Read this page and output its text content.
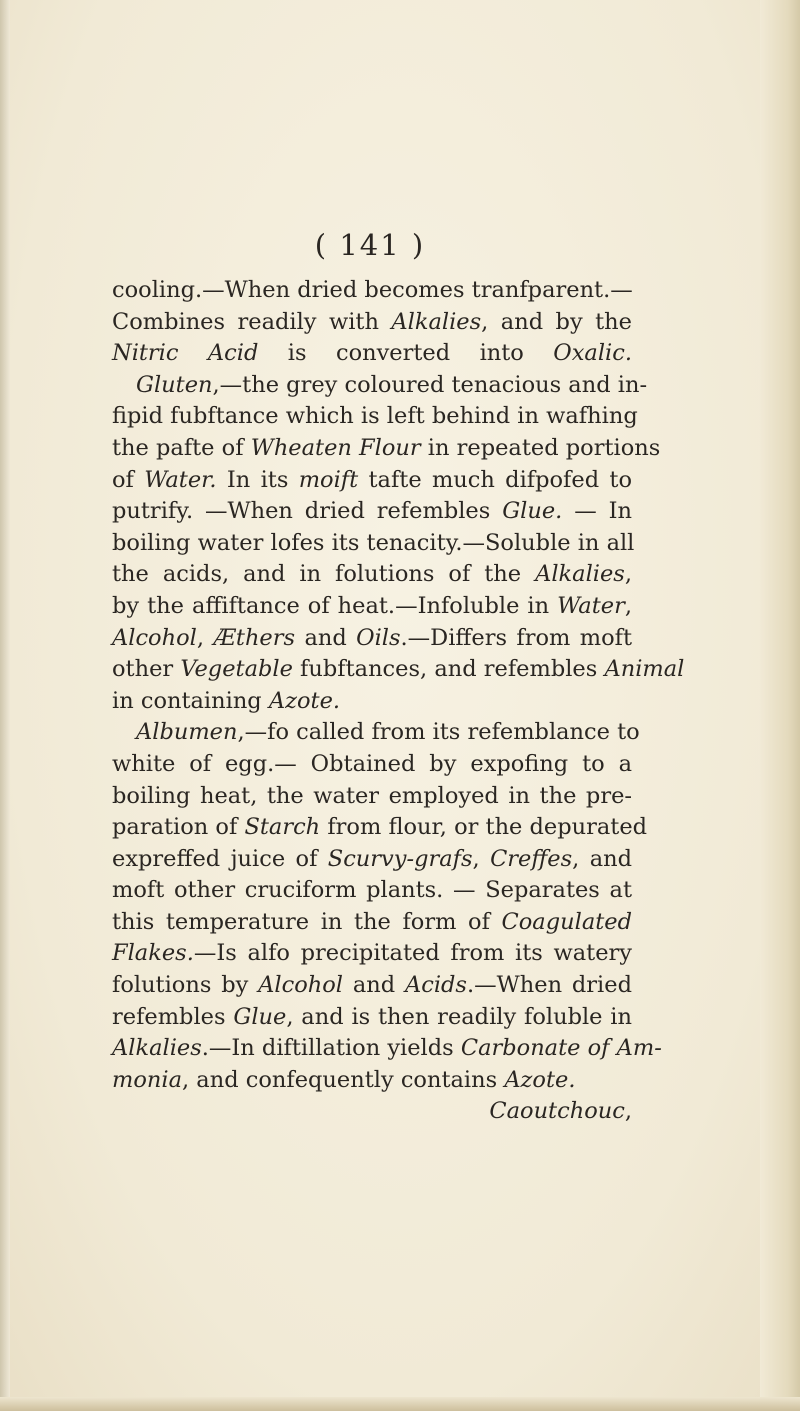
( 141 )
cooling.—When dried becomes tranfparent.—
Combines readily with Alkalies, and by the
Nitric Acid is converted into Oxalic.
Gluten,—the grey coloured tenacious and in-
fipid fubftance which is left behind in wafhing
the pafte of Wheaten Flour in repeated portions
of Water. In its moift tafte much difpofed to
putrify. —When dried refembles Glue. — In
boiling water lofes its tenacity.—Soluble in all
the acids, and in folutions of the Alkalies,
by the affiftance of heat.—Infoluble in Water,
Alcohol, Æthers and Oils.—Differs from moft
other Vegetable fubftances, and refembles Animal
in containing Azote.
Albumen,—fo called from its refemblance to
white of egg.— Obtained by expofing to a
boiling heat, the water employed in the pre-
paration of Starch from flour, or the depurated
expreffed juice of Scurvy-grafs, Creffes, and
moft other cruciform plants. — Separates at
this temperature in the form of Coagulated
Flakes.—Is alfo precipitated from its watery
folutions by Alcohol and Acids.—When dried
refembles Glue, and is then readily foluble in
Alkalies.—In diftillation yields Carbonate of Am-
monia, and confequently contains Azote.
Caoutchouc,
